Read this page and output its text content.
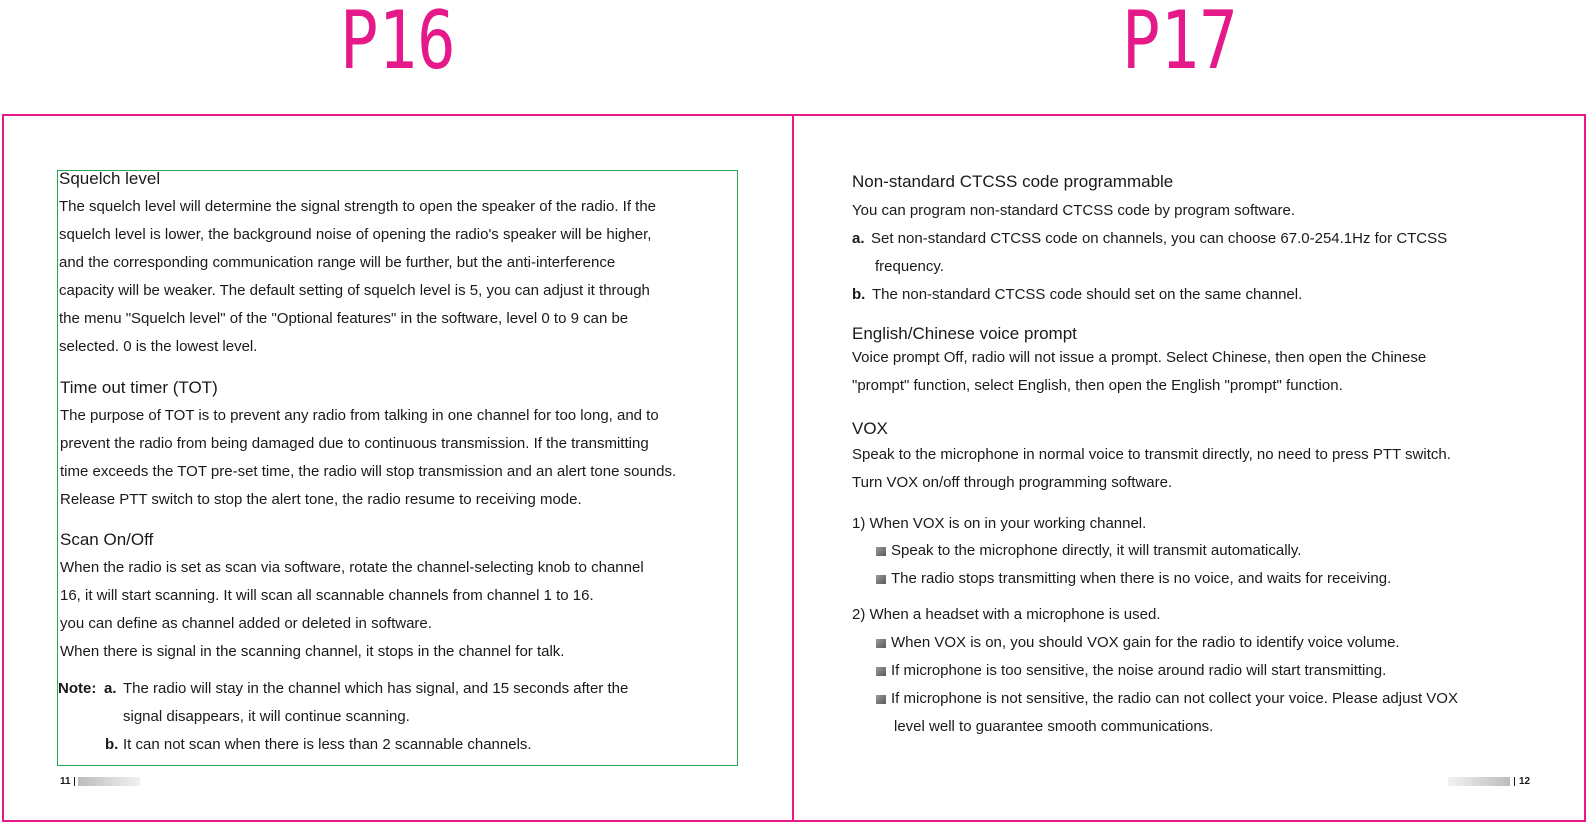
P16	P17
Squelch level
The squelch level will determine the signal strength to open the speaker of the radio. If the
squelch level is lower, the background noise of opening the radio's speaker will be higher,
and the corresponding communication range will be further, but the anti-interference
capacity will be weaker. The default setting of squelch level is 5, you can adjust it through
the menu "Squelch level" of the "Optional features" in the software, level 0 to 9 can be
selected. 0 is the lowest level.
Time out timer (TOT)
The purpose of TOT is to prevent any radio from talking in one channel for too long, and to
prevent the radio from being damaged due to continuous transmission. If the transmitting
time exceeds the TOT pre-set time, the radio will stop transmission and an alert tone sounds.
Release PTT switch to stop the alert tone, the radio resume to receiving mode.
Scan On/Off
When the radio is set as scan via software, rotate the channel-selecting knob to channel
16, it will start scanning. It will scan all scannable channels from channel 1 to 16.
you can define as channel added or deleted in software.
When there is signal in the scanning channel, it stops in the channel for talk.
Note: a. The radio will stay in the channel which has signal, and 15 seconds after the
signal disappears, it will continue scanning.
b. It can not scan when there is less than 2 scannable channels.
11
Non-standard CTCSS code programmable
You can program non-standard CTCSS code by program software.
a. Set non-standard CTCSS code on channels, you can choose 67.0-254.1Hz for CTCSS
frequency.
b. The non-standard CTCSS code should set on the same channel.
English/Chinese voice prompt
Voice prompt Off, radio will not issue a prompt. Select Chinese, then open the Chinese
"prompt" function, select English, then open the English "prompt" function.
VOX
Speak to the microphone in normal voice to transmit directly, no need to press PTT switch.
Turn VOX on/off through programming software.
1) When VOX is on in your working channel.
Speak to the microphone directly, it will transmit automatically.
The radio stops transmitting when there is no voice, and waits for receiving.
2) When a headset with a microphone is used.
When VOX is on, you should VOX gain for the radio to identify voice volume.
If microphone is too sensitive, the noise around radio will start transmitting.
If microphone is not sensitive, the radio can not collect your voice. Please adjust VOX
level well to guarantee smooth communications.
12
